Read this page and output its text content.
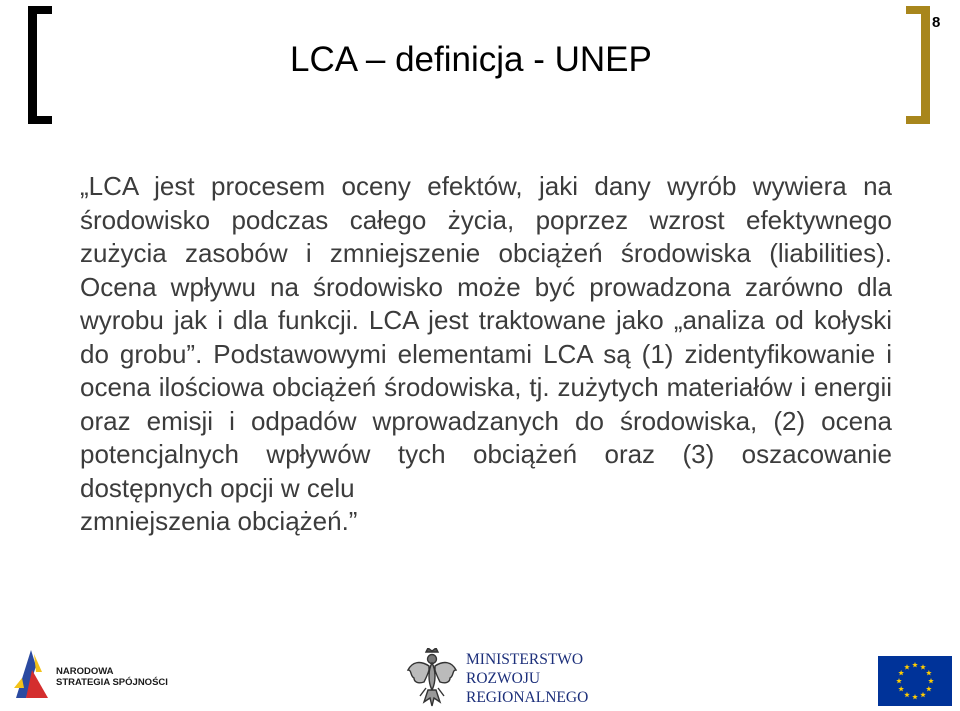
8
LCA – definicja - UNEP

„LCA jest procesem oceny efektów, jaki dany wyrób wywiera na środowisko podczas całego życia, poprzez wzrost efektywnego zużycia zasobów i zmniejszenie obciążeń środowiska (liabilities). Ocena wpływu na środowisko może być prowadzona zarówno dla wyrobu jak i dla funkcji. LCA jest traktowane jako „analiza od kołyski do grobu”. Podstawowymi elementami LCA są (1) zidentyfikowanie i ocena ilościowa obciążeń środowiska, tj. zużytych materiałów i energii oraz emisji i odpadów wprowadzanych do środowiska, (2) ocena potencjalnych wpływów tych obciążeń oraz (3) oszacowanie dostępnych opcji w celu

zmniejszenia obciążeń.”
NARODOWA
STRATEGIA SPÓJNOŚCI
MINISTERSTWO
ROZWOJU
REGIONALNEGO
